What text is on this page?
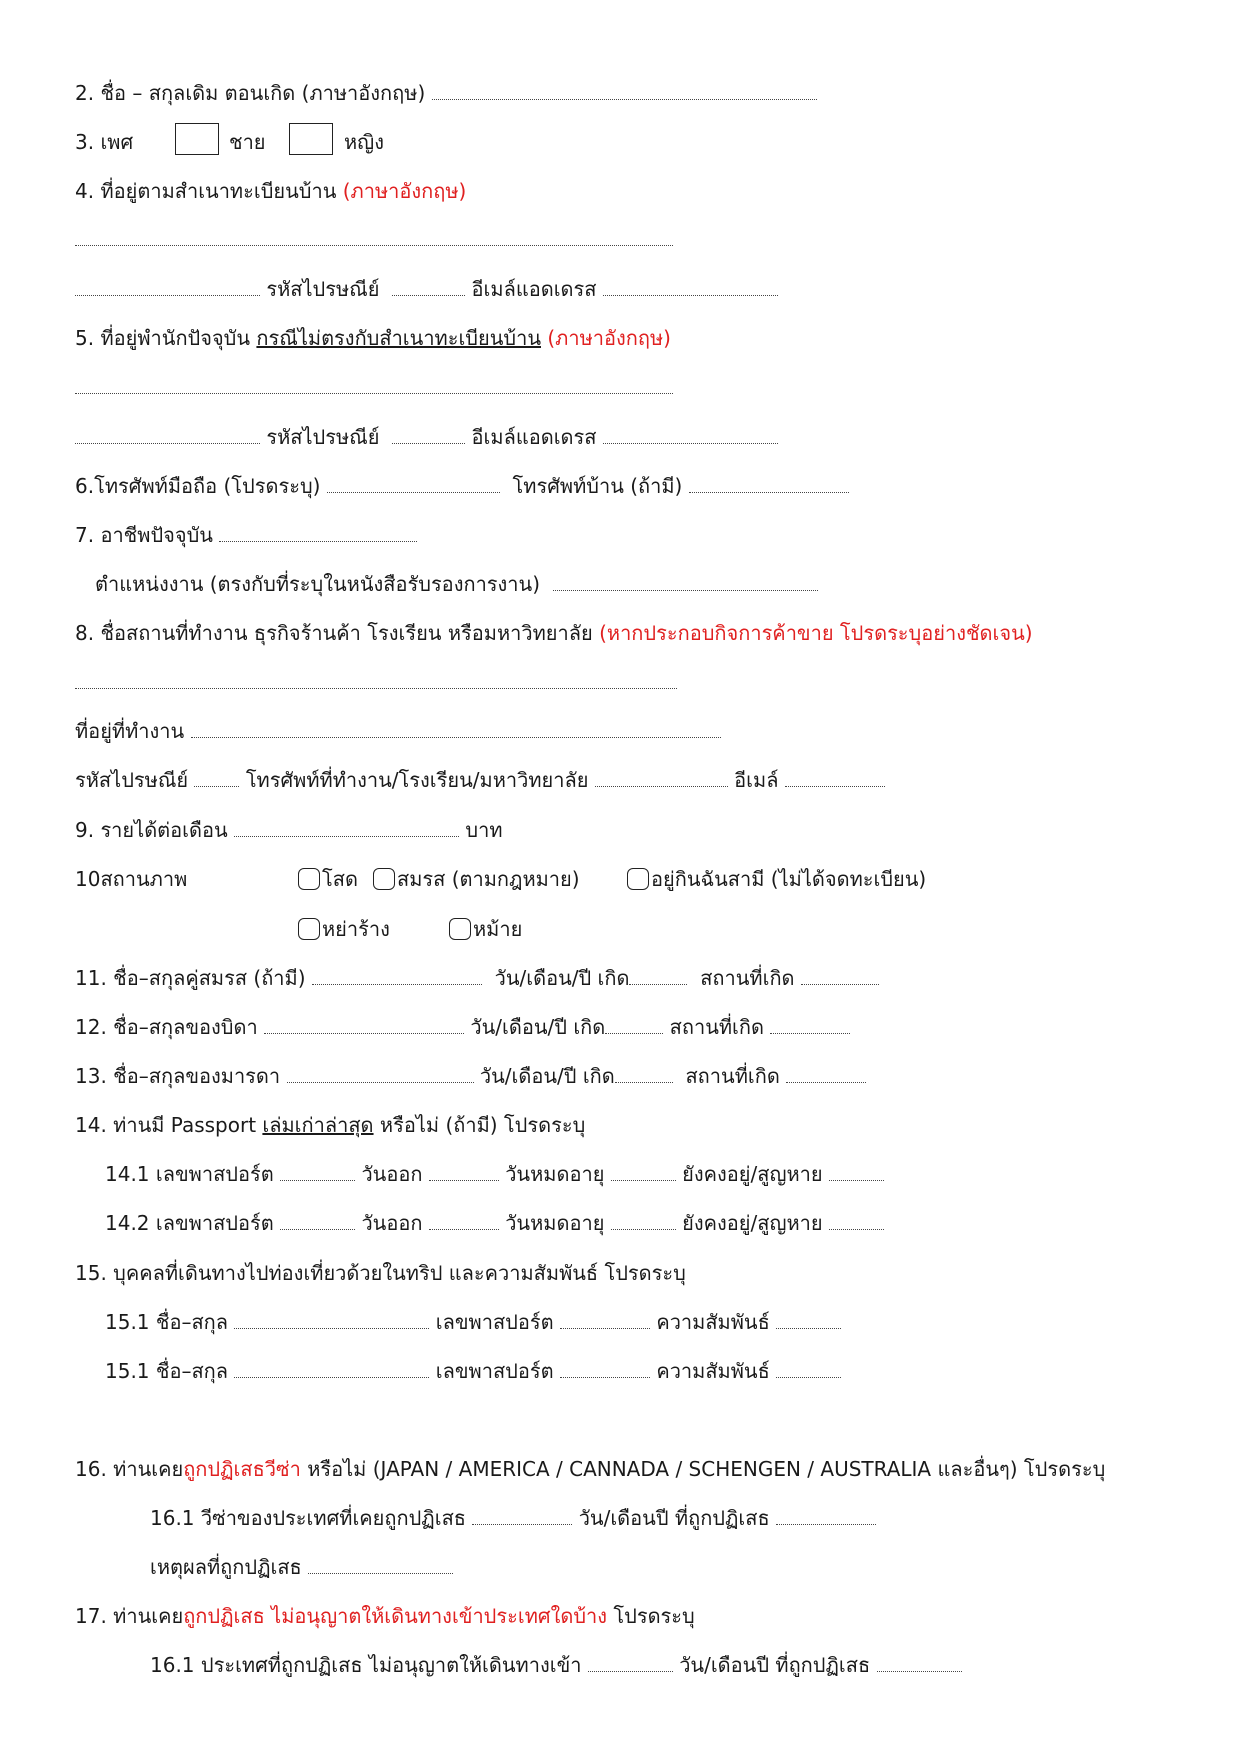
2. ชื่อ – สกุลเดิม ตอนเกิด (ภาษาอังกฤษ)
3. เพศ	ชาย	หญิง
4. ที่อยู่ตามสำเนาทะเบียนบ้าน (ภาษาอังกฤษ)
รหัสไปรษณีย์	อีเมล์แอดเดรส
5. ที่อยู่พำนักปัจจุบัน กรณีไม่ตรงกับสำเนาทะเบียนบ้าน (ภาษาอังกฤษ)
รหัสไปรษณีย์	อีเมล์แอดเดรส
6.โทรศัพท์มือถือ (โปรดระบุ)	โทรศัพท์บ้าน (ถ้ามี)
7. อาชีพปัจจุบัน
ตำแหน่งงาน (ตรงกับที่ระบุในหนังสือรับรองการงาน)
8. ชื่อสถานที่ทำงาน ธุรกิจร้านค้า โรงเรียน หรือมหาวิทยาลัย (หากประกอบกิจการค้าขาย โปรดระบุอย่างชัดเจน)
ที่อยู่ที่ทำงาน
รหัสไปรษณีย์	โทรศัพท์ที่ทำงาน/โรงเรียน/มหาวิทยาลัย	อีเมล์
9. รายได้ต่อเดือน	บาท
10สถานภาพ	โสด	สมรส (ตามกฎหมาย)	อยู่กินฉันสามี (ไม่ได้จดทะเบียน)
หย่าร้าง	หม้าย
11. ชื่อ–สกุลคู่สมรส (ถ้ามี)	วัน/เดือน/ปี เกิด	สถานที่เกิด
12. ชื่อ–สกุลของบิดา	วัน/เดือน/ปี เกิด	สถานที่เกิด
13. ชื่อ–สกุลของมารดา	วัน/เดือน/ปี เกิด	สถานที่เกิด
14. ท่านมี Passport เล่มเก่าล่าสุด หรือไม่ (ถ้ามี) โปรดระบุ
14.1 เลขพาสปอร์ต	วันออก	วันหมดอายุ	ยังคงอยู่/สูญหาย
14.2 เลขพาสปอร์ต	วันออก	วันหมดอายุ	ยังคงอยู่/สูญหาย
15. บุคคลที่เดินทางไปท่องเที่ยวด้วยในทริป และความสัมพันธ์ โปรดระบุ
15.1 ชื่อ–สกุล	เลขพาสปอร์ต	ความสัมพันธ์
15.1 ชื่อ–สกุล	เลขพาสปอร์ต	ความสัมพันธ์
16. ท่านเคยถูกปฏิเสธวีซ่า หรือไม่ (JAPAN / AMERICA / CANNADA / SCHENGEN / AUSTRALIA และอื่นๆ) โปรดระบุ
16.1 วีซ่าของประเทศที่เคยถูกปฏิเสธ	วัน/เดือนปี ที่ถูกปฏิเสธ
เหตุผลที่ถูกปฏิเสธ
17. ท่านเคยถูกปฏิเสธ ไม่อนุญาตให้เดินทางเข้าประเทศใดบ้าง โปรดระบุ
16.1 ประเทศที่ถูกปฏิเสธ ไม่อนุญาตให้เดินทางเข้า	วัน/เดือนปี ที่ถูกปฏิเสธ
